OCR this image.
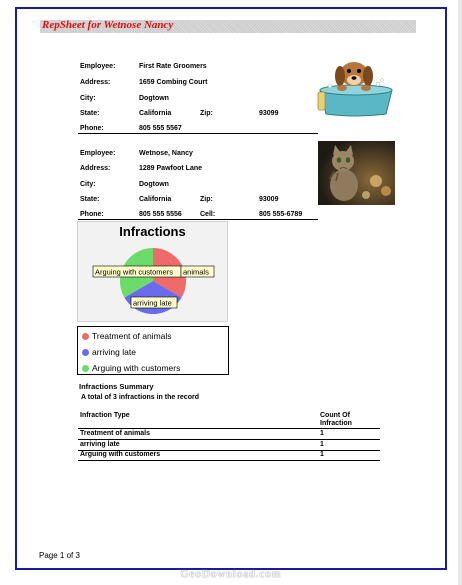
RepSheet for Wetnose Nancy
Employee:	First Rate Groomers
Address:	1659 Combing Court
City:	Dogtown
State:	California	Zip:	93099
Phone:	805 555 5567
Employee:	Wetnose, Nancy
Address:	1289 Pawfoot Lane
City:	Dogtown
State:	California	Zip:	93009
Phone:	805 555 5556	Cell:	805 555-6789
Infractions
Arguing with customers animals
arriving late
Treatment of animals
arriving late
Arguing with customers
Infractions Summary
A total of 3 infractions in the record
Infraction Type	Count Of Infraction
Treatment of animals	1
arriving late	1
Arguing with customers	1
Page 1 of 3
GeoDownload.com
